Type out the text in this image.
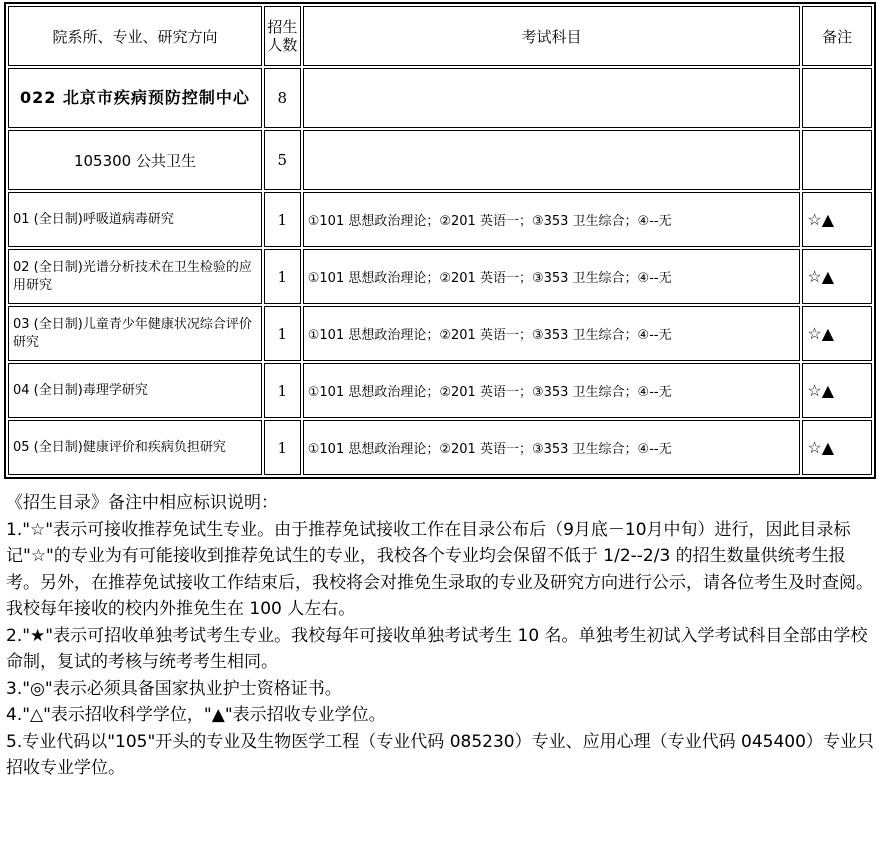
院系所、专业、研究方向	招生人数	考试科目	备注
022 北京市疾病预防控制中心	8		
105300 公共卫生	5		
01 (全日制)呼吸道病毒研究	1	①101 思想政治理论；②201 英语一；③353 卫生综合；④--无	☆▲
02 (全日制)光谱分析技术在卫生检验的应用研究	1	①101 思想政治理论；②201 英语一；③353 卫生综合；④--无	☆▲
03 (全日制)儿童青少年健康状况综合评价研究	1	①101 思想政治理论；②201 英语一；③353 卫生综合；④--无	☆▲
04 (全日制)毒理学研究	1	①101 思想政治理论；②201 英语一；③353 卫生综合；④--无	☆▲
05 (全日制)健康评价和疾病负担研究	1	①101 思想政治理论；②201 英语一；③353 卫生综合；④--无	☆▲

《招生目录》备注中相应标识说明：

1."☆"表示可接收推荐免试生专业。由于推荐免试接收工作在目录公布后（9月底－10月中旬）进行，因此目录标记"☆"的专业为有可能接收到推荐免试生的专业，我校各个专业均会保留不低于 1/2--2/3 的招生数量供统考生报考。另外，在推荐免试接收工作结束后，我校将会对推免生录取的专业及研究方向进行公示，请各位考生及时查阅。我校每年接收的校内外推免生在 100 人左右。

2."★"表示可招收单独考试考生专业。我校每年可接收单独考试考生 10 名。单独考生初试入学考试科目全部由学校命制，复试的考核与统考考生相同。

3."◎"表示必须具备国家执业护士资格证书。

4."△"表示招收科学学位，"▲"表示招收专业学位。

5.专业代码以"105"开头的专业及生物医学工程（专业代码 085230）专业、应用心理（专业代码 045400）专业只招收专业学位。
